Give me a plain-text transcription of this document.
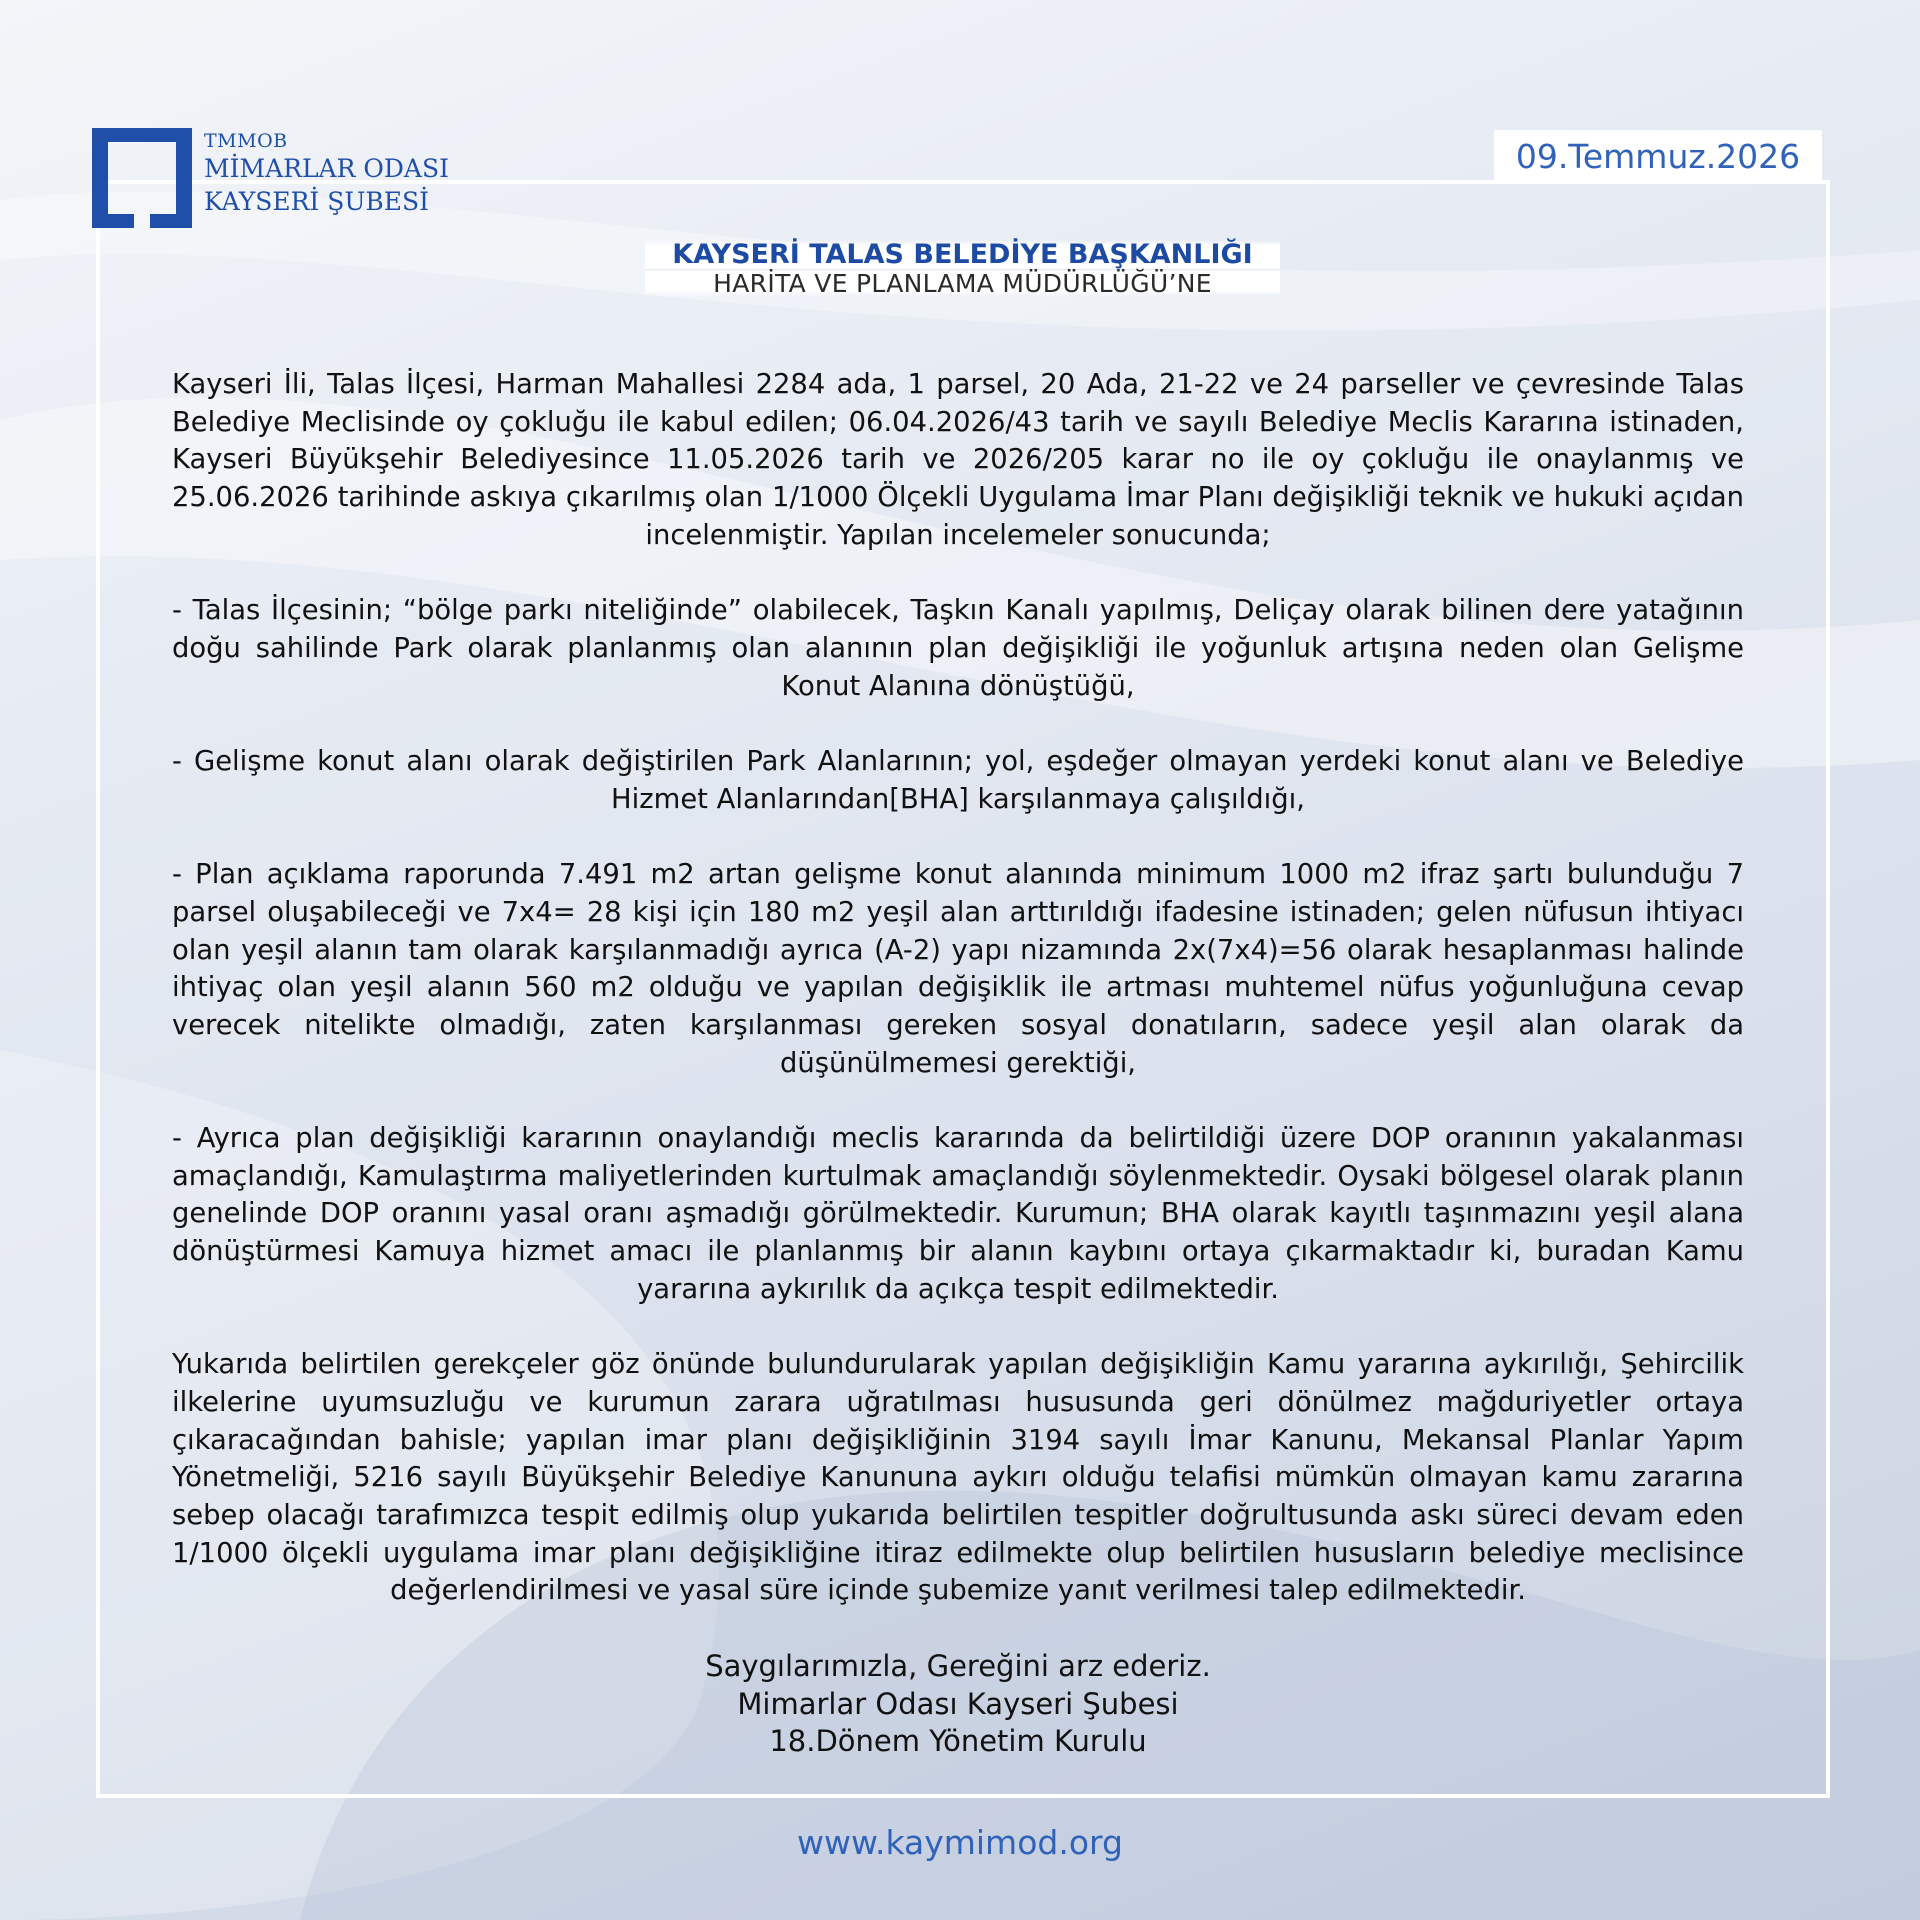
TMMOB
MİMARLAR ODASI
KAYSERİ ŞUBESİ
09.Temmuz.2026
KAYSERİ TALAS BELEDİYE BAŞKANLIĞI
HARİTA VE PLANLAMA MÜDÜRLÜĞÜ’NE

Kayseri İli, Talas İlçesi, Harman Mahallesi 2284 ada, 1 parsel, 20 Ada, 21-22 ve 24 parseller ve çevresinde Talas Belediye Meclisinde oy çokluğu ile kabul edilen; 06.04.2026/43 tarih ve sayılı Belediye Meclis Kararına istinaden, Kayseri Büyükşehir Belediyesince 11.05.2026 tarih ve 2026/205 karar no ile oy çokluğu ile onaylanmış ve 25.06.2026 tarihinde askıya çıkarılmış olan 1/1000 Ölçekli Uygulama İmar Planı değişikliği teknik ve hukuki açıdan incelenmiştir. Yapılan incelemeler sonucunda;

- Talas İlçesinin; “bölge parkı niteliğinde” olabilecek, Taşkın Kanalı yapılmış, Deliçay olarak bilinen dere yatağının doğu sahilinde Park olarak planlanmış olan alanının plan değişikliği ile yoğunluk artışına neden olan Gelişme Konut Alanına dönüştüğü,

- Gelişme konut alanı olarak değiştirilen Park Alanlarının; yol, eşdeğer olmayan yerdeki konut alanı ve Belediye Hizmet Alanlarından[BHA] karşılanmaya çalışıldığı,

- Plan açıklama raporunda 7.491 m2 artan gelişme konut alanında minimum 1000 m2 ifraz şartı bulunduğu 7 parsel oluşabileceği ve 7x4= 28 kişi için 180 m2 yeşil alan arttırıldığı ifadesine istinaden; gelen nüfusun ihtiyacı olan yeşil alanın tam olarak karşılanmadığı ayrıca (A-2) yapı nizamında 2x(7x4)=56 olarak hesaplanması halinde ihtiyaç olan yeşil alanın 560 m2 olduğu ve yapılan değişiklik ile artması muhtemel nüfus yoğunluğuna cevap verecek nitelikte olmadığı, zaten karşılanması gereken sosyal donatıların, sadece yeşil alan olarak da düşünülmemesi gerektiği,

- Ayrıca plan değişikliği kararının onaylandığı meclis kararında da belirtildiği üzere DOP oranının yakalanması amaçlandığı, Kamulaştırma maliyetlerinden kurtulmak amaçlandığı söylenmektedir. Oysaki bölgesel olarak planın genelinde DOP oranını yasal oranı aşmadığı görülmektedir. Kurumun; BHA olarak kayıtlı taşınmazını yeşil alana dönüştürmesi Kamuya hizmet amacı ile planlanmış bir alanın kaybını ortaya çıkarmaktadır ki, buradan Kamu yararına aykırılık da açıkça tespit edilmektedir.

Yukarıda belirtilen gerekçeler göz önünde bulundurularak yapılan değişikliğin Kamu yararına aykırılığı, Şehircilik ilkelerine uyumsuzluğu ve kurumun zarara uğratılması hususunda geri dönülmez mağduriyetler ortaya çıkaracağından bahisle; yapılan imar planı değişikliğinin 3194 sayılı İmar Kanunu, Mekansal Planlar Yapım Yönetmeliği, 5216 sayılı Büyükşehir Belediye Kanununa aykırı olduğu telafisi mümkün olmayan kamu zararına sebep olacağı tarafımızca tespit edilmiş olup yukarıda belirtilen tespitler doğrultusunda askı süreci devam eden 1/1000 ölçekli uygulama imar planı değişikliğine itiraz edilmekte olup belirtilen hususların belediye meclisince değerlendirilmesi ve yasal süre içinde şubemize yanıt verilmesi talep edilmektedir.

Saygılarımızla, Gereğini arz ederiz.
Mimarlar Odası Kayseri Şubesi
18.Dönem Yönetim Kurulu
www.kaymimod.org
